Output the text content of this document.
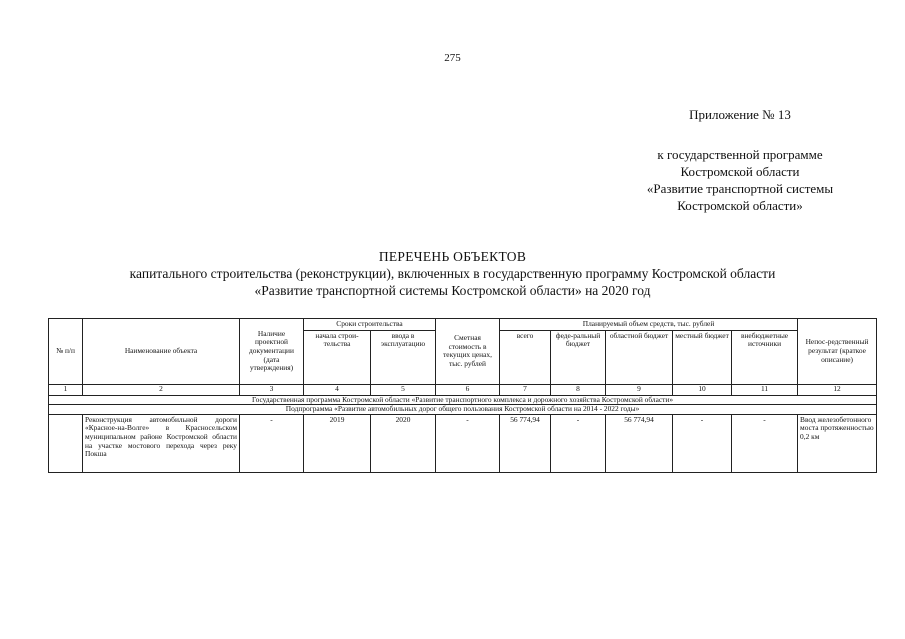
275
Приложение № 13
к государственной программе
Костромской области
«Развитие транспортной системы
Костромской области»
ПЕРЕЧЕНЬ ОБЪЕКТОВ
капитального строительства (реконструкции), включенных в государственную программу Костромской области
«Развитие транспортной системы Костромской области» на 2020 год
№ п/п	Наименование объекта	Наличие проектной документации (дата утверждения)	Сроки строительства		Сметная стоимость в текущих ценах, тыс. рублей	Планируемый объем средств, тыс. рублей					Непос-редственный результат (краткое описание)
			начала строи-тельства	ввода в эксплуатацию		всего	феде-ральный бюджет	областной бюджет	местный бюджет	внебюджетные источники	
1	2	3	4	5	6	7	8	9	10	11	12
Государственная программа Костромской области «Развитие транспортного комплекса и дорожного хозяйства Костромской области»											
Подпрограмма «Развитие автомобильных дорог общего пользования Костромской области на 2014 - 2022 годы»											
	Реконструкция автомобильной дороги «Красное-на-Волге» в Красносельском муниципальном районе Костромской области на участке мостового перехода через реку Покша	-	2019	2020	-	56 774,94	-	56 774,94	-	-	Ввод железобетонного моста протяженностью 0,2 км
